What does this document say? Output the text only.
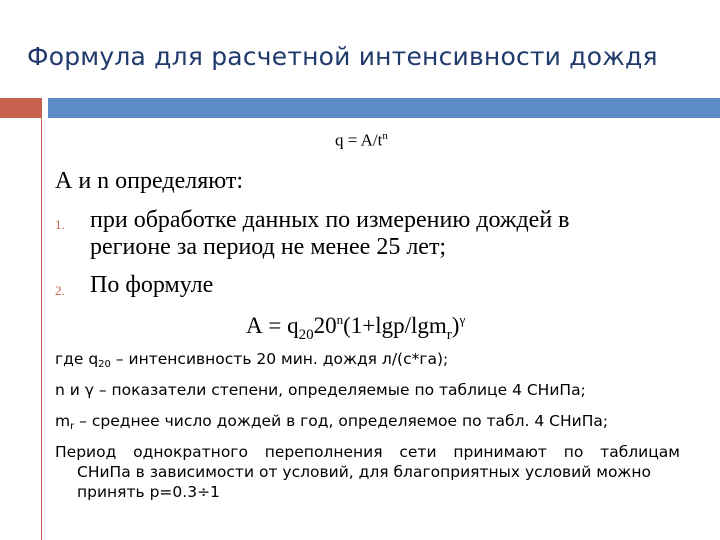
Формула для расчетной интенсивности дождя
$q = A/t^n$
А и n определяют:
1. при обработке данных по измерению дождей в
регионе за период не менее 25 лет;
2. По формуле
$А = q_{20}20^n(1+\lg p/\lg m_r)^\gamma$
где $q_{20}$ – интенсивность 20 мин. дождя л/(с*га);
n и γ – показатели степени, определяемые по таблице 4 СНиПа;
$m_r$ – среднее число дождей в год, определяемое по табл. 4 СНиПа;
Период однократного переполнения сети принимают по таблицам
СНиПа в зависимости от условий, для благоприятных условий можно
принять p=0.3÷1
